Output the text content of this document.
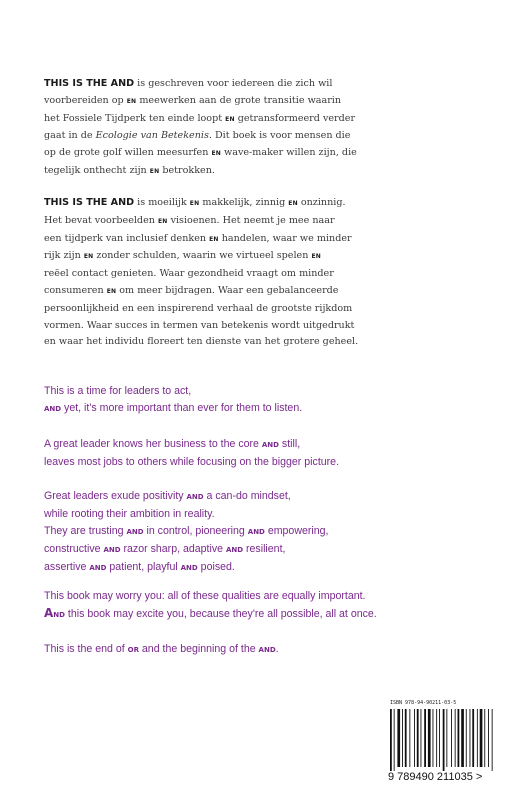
THIS IS THE AND is geschreven voor iedereen die zich wil
voorbereiden op EN meewerken aan de grote transitie waarin
het Fossiele Tijdperk ten einde loopt EN getransformeerd verder
gaat in de Ecologie van Betekenis. Dit boek is voor mensen die
op de grote golf willen meesurfen EN wave-maker willen zijn, die
tegelijk onthecht zijn EN betrokken.
THIS IS THE AND is moeilijk EN makkelijk, zinnig EN onzinnig.
Het bevat voorbeelden EN visioenen. Het neemt je mee naar
een tijdperk van inclusief denken EN handelen, waar we minder
rijk zijn EN zonder schulden, waarin we virtueel spelen EN
reëel contact genieten. Waar gezondheid vraagt om minder
consumeren EN om meer bijdragen. Waar een gebalanceerde
persoonlijkheid en een inspirerend verhaal de grootste rijkdom
vormen. Waar succes in termen van betekenis wordt uitgedrukt
en waar het individu floreert ten dienste van het grotere geheel.
This is a time for leaders to act,
AND yet, it's more important than ever for them to listen.
A great leader knows her business to the core AND still,
leaves most jobs to others while focusing on the bigger picture.
Great leaders exude positivity AND a can-do mindset,
while rooting their ambition in reality.
They are trusting AND in control, pioneering AND empowering,
constructive AND razor sharp, adaptive AND resilient,
assertive AND patient, playful AND poised.
This book may worry you: all of these qualities are equally important.
AND this book may excite you, because they're all possible, all at once.
This is the end of OR and the beginning of the AND.
ISBN 978-94-90211-03-5
9 789490 211035 >
